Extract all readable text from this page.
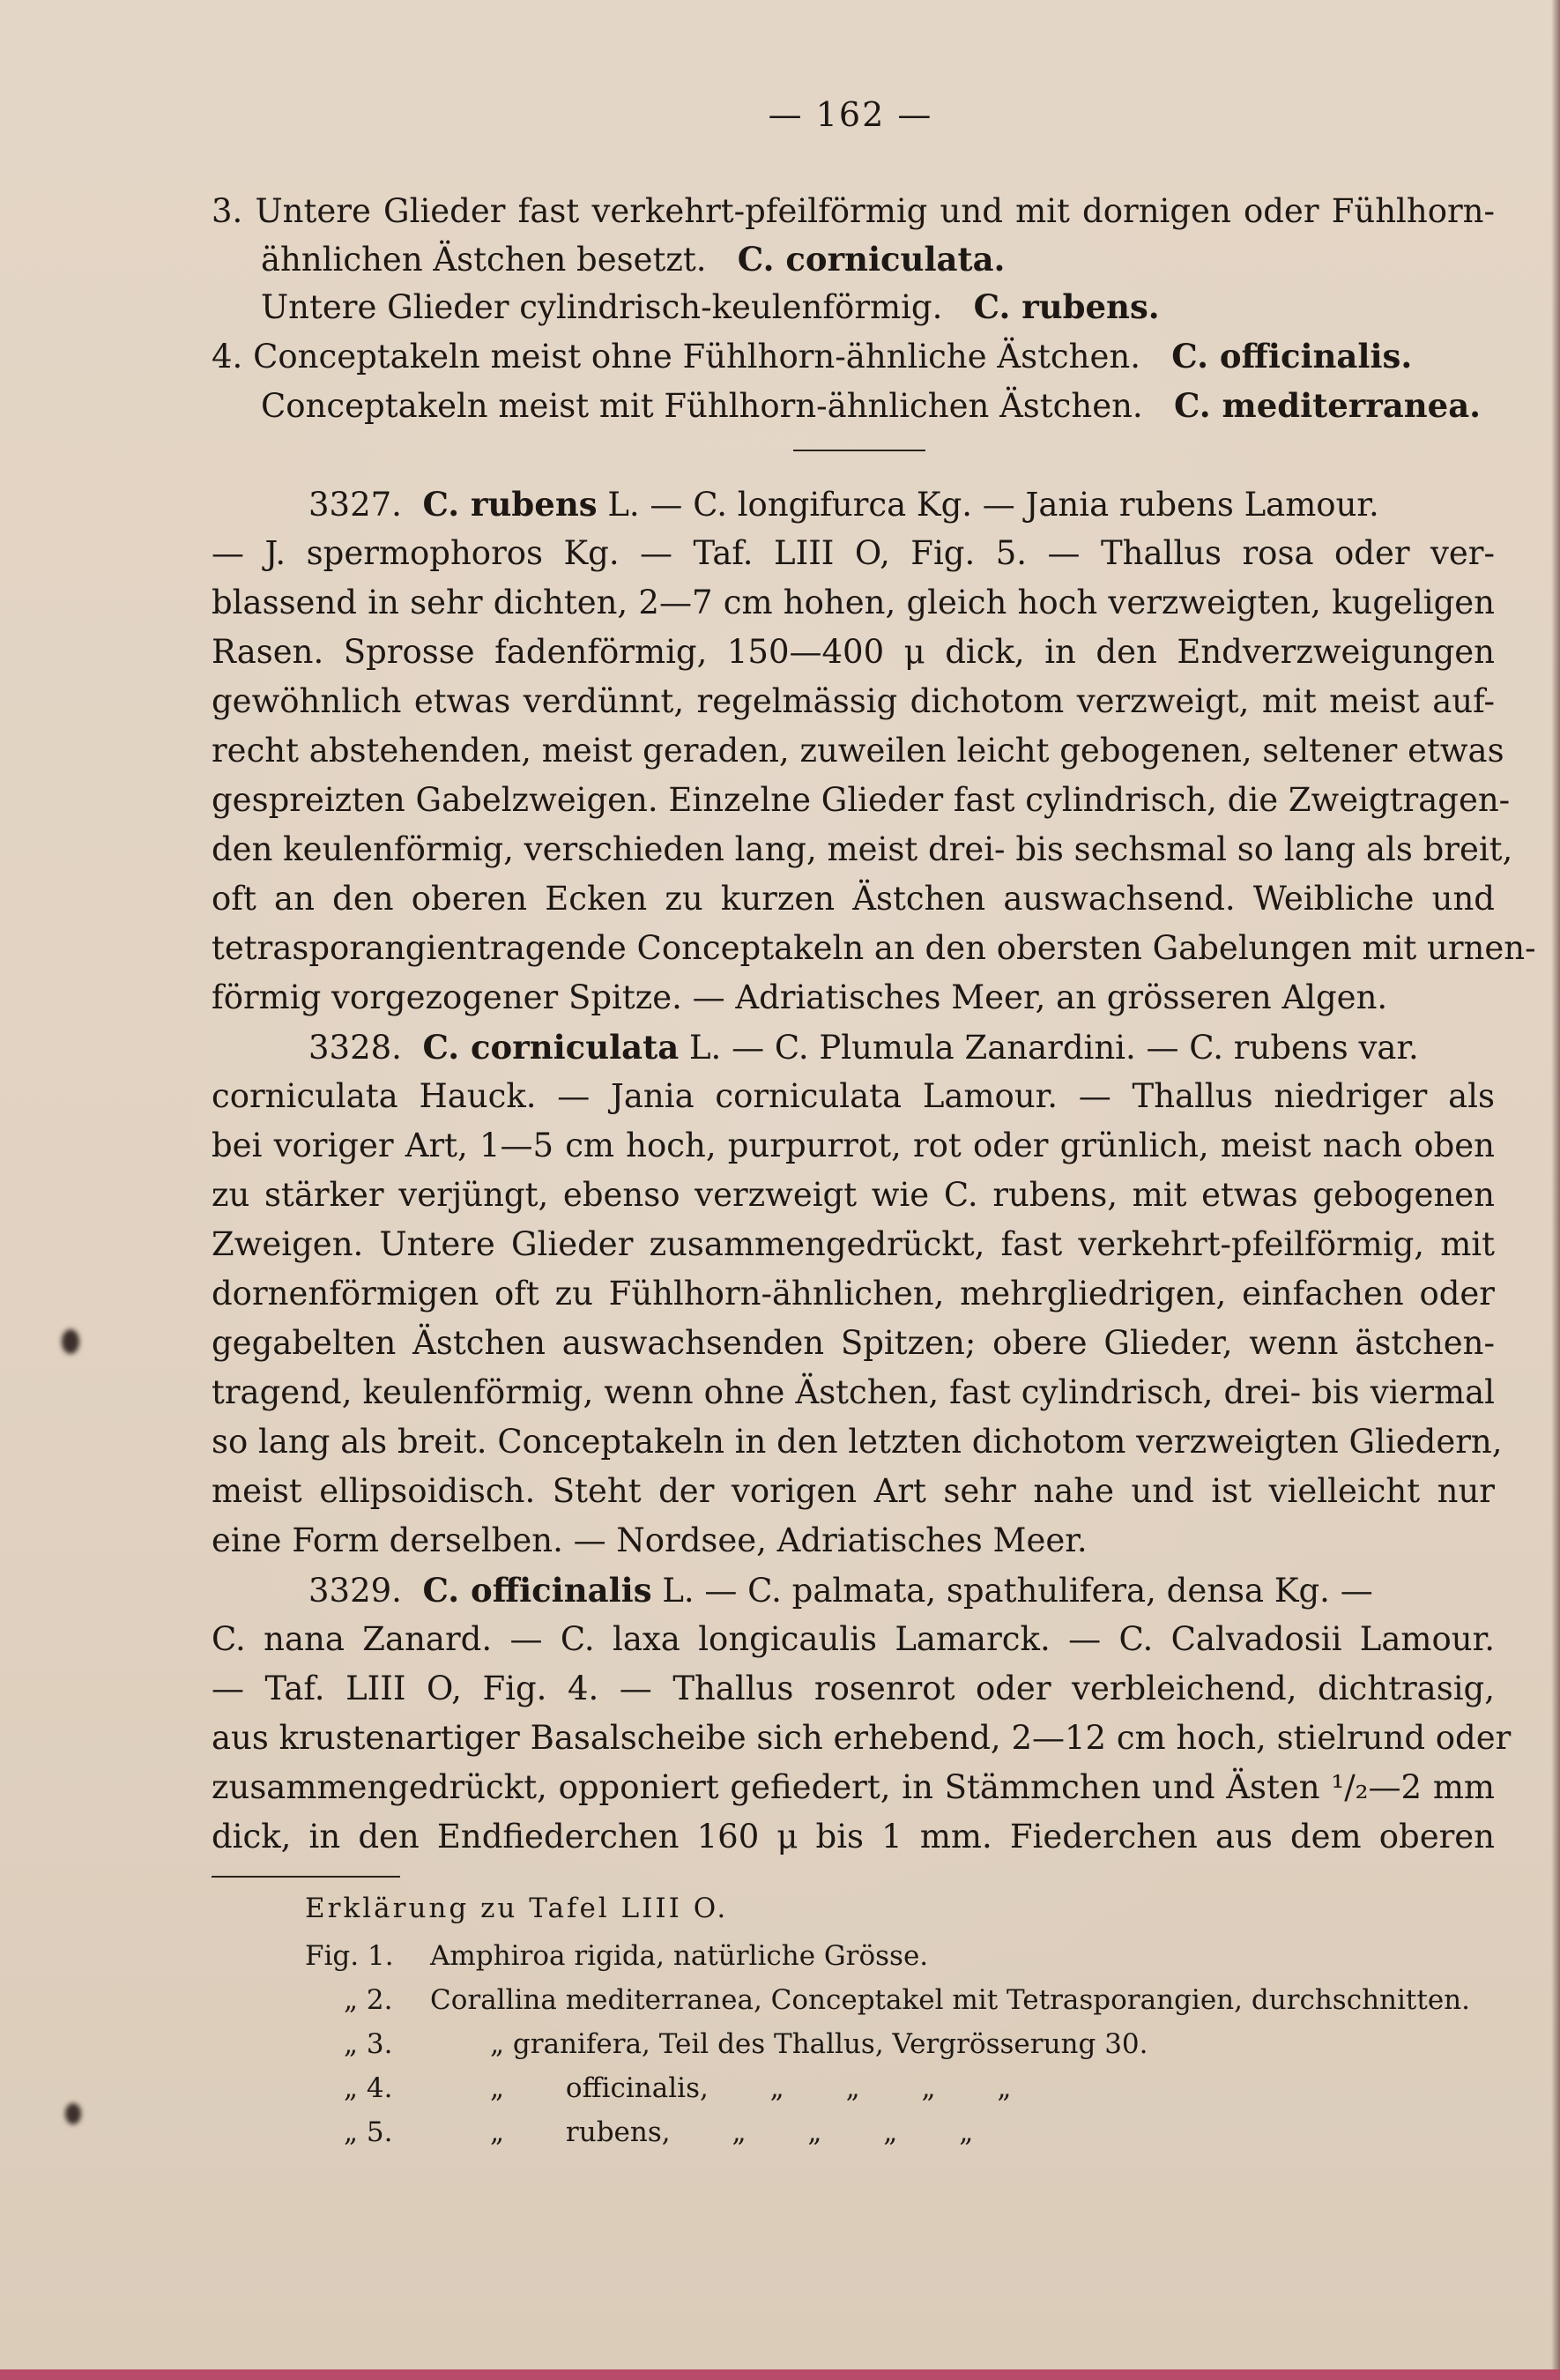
— 162 —
3. Untere Glieder fast verkehrt-pfeilförmig und mit dornigen oder Fühlhorn-
ähnlichen Ästchen besetzt. C. corniculata.
Untere Glieder cylindrisch-keulenförmig. C. rubens.
4. Conceptakeln meist ohne Fühlhorn-ähnliche Ästchen. C. officinalis.
Conceptakeln meist mit Fühlhorn-ähnlichen Ästchen. C. mediterranea.
3327. C. rubens L. — C. longifurca Kg. — Jania rubens Lamour.
— J. spermophoros Kg. — Taf. LIII O, Fig. 5. — Thallus rosa oder ver-
blassend in sehr dichten, 2—7 cm hohen, gleich hoch verzweigten, kugeligen
Rasen. Sprosse fadenförmig, 150—400 μ dick, in den Endverzweigungen
gewöhnlich etwas verdünnt, regelmässig dichotom verzweigt, mit meist auf-
recht abstehenden, meist geraden, zuweilen leicht gebogenen, seltener etwas
gespreizten Gabelzweigen. Einzelne Glieder fast cylindrisch, die Zweigtragen-
den keulenförmig, verschieden lang, meist drei- bis sechsmal so lang als breit,
oft an den oberen Ecken zu kurzen Ästchen auswachsend. Weibliche und
tetrasporangientragende Conceptakeln an den obersten Gabelungen mit urnen-
förmig vorgezogener Spitze. — Adriatisches Meer, an grösseren Algen.
3328. C. corniculata L. — C. Plumula Zanardini. — C. rubens var.
corniculata Hauck. — Jania corniculata Lamour. — Thallus niedriger als
bei voriger Art, 1—5 cm hoch, purpurrot, rot oder grünlich, meist nach oben
zu stärker verjüngt, ebenso verzweigt wie C. rubens, mit etwas gebogenen
Zweigen. Untere Glieder zusammengedrückt, fast verkehrt-pfeilförmig, mit
dornenförmigen oft zu Fühlhorn-ähnlichen, mehrgliedrigen, einfachen oder
gegabelten Ästchen auswachsenden Spitzen; obere Glieder, wenn ästchen-
tragend, keulenförmig, wenn ohne Ästchen, fast cylindrisch, drei- bis viermal
so lang als breit. Conceptakeln in den letzten dichotom verzweigten Gliedern,
meist ellipsoidisch. Steht der vorigen Art sehr nahe und ist vielleicht nur
eine Form derselben. — Nordsee, Adriatisches Meer.
3329. C. officinalis L. — C. palmata, spathulifera, densa Kg. —
C. nana Zanard. — C. laxa longicaulis Lamarck. — C. Calvadosii Lamour.
— Taf. LIII O, Fig. 4. — Thallus rosenrot oder verbleichend, dichtrasig,
aus krustenartiger Basalscheibe sich erhebend, 2—12 cm hoch, stielrund oder
zusammengedrückt, opponiert gefiedert, in Stämmchen und Ästen ¹/₂—2 mm
dick, in den Endfiederchen 160 μ bis 1 mm. Fiederchen aus dem oberen
Erklärung zu Tafel LIII O.
Fig. 1. Amphiroa rigida, natürliche Grösse.
„ 2. Corallina mediterranea, Conceptakel mit Tetrasporangien, durchschnitten.
„ 3.	„ granifera, Teil des Thallus, Vergrösserung 30.
„ 4.	„ officinalis, „ „ „ „
„ 5.	„ rubens, „ „ „ „
